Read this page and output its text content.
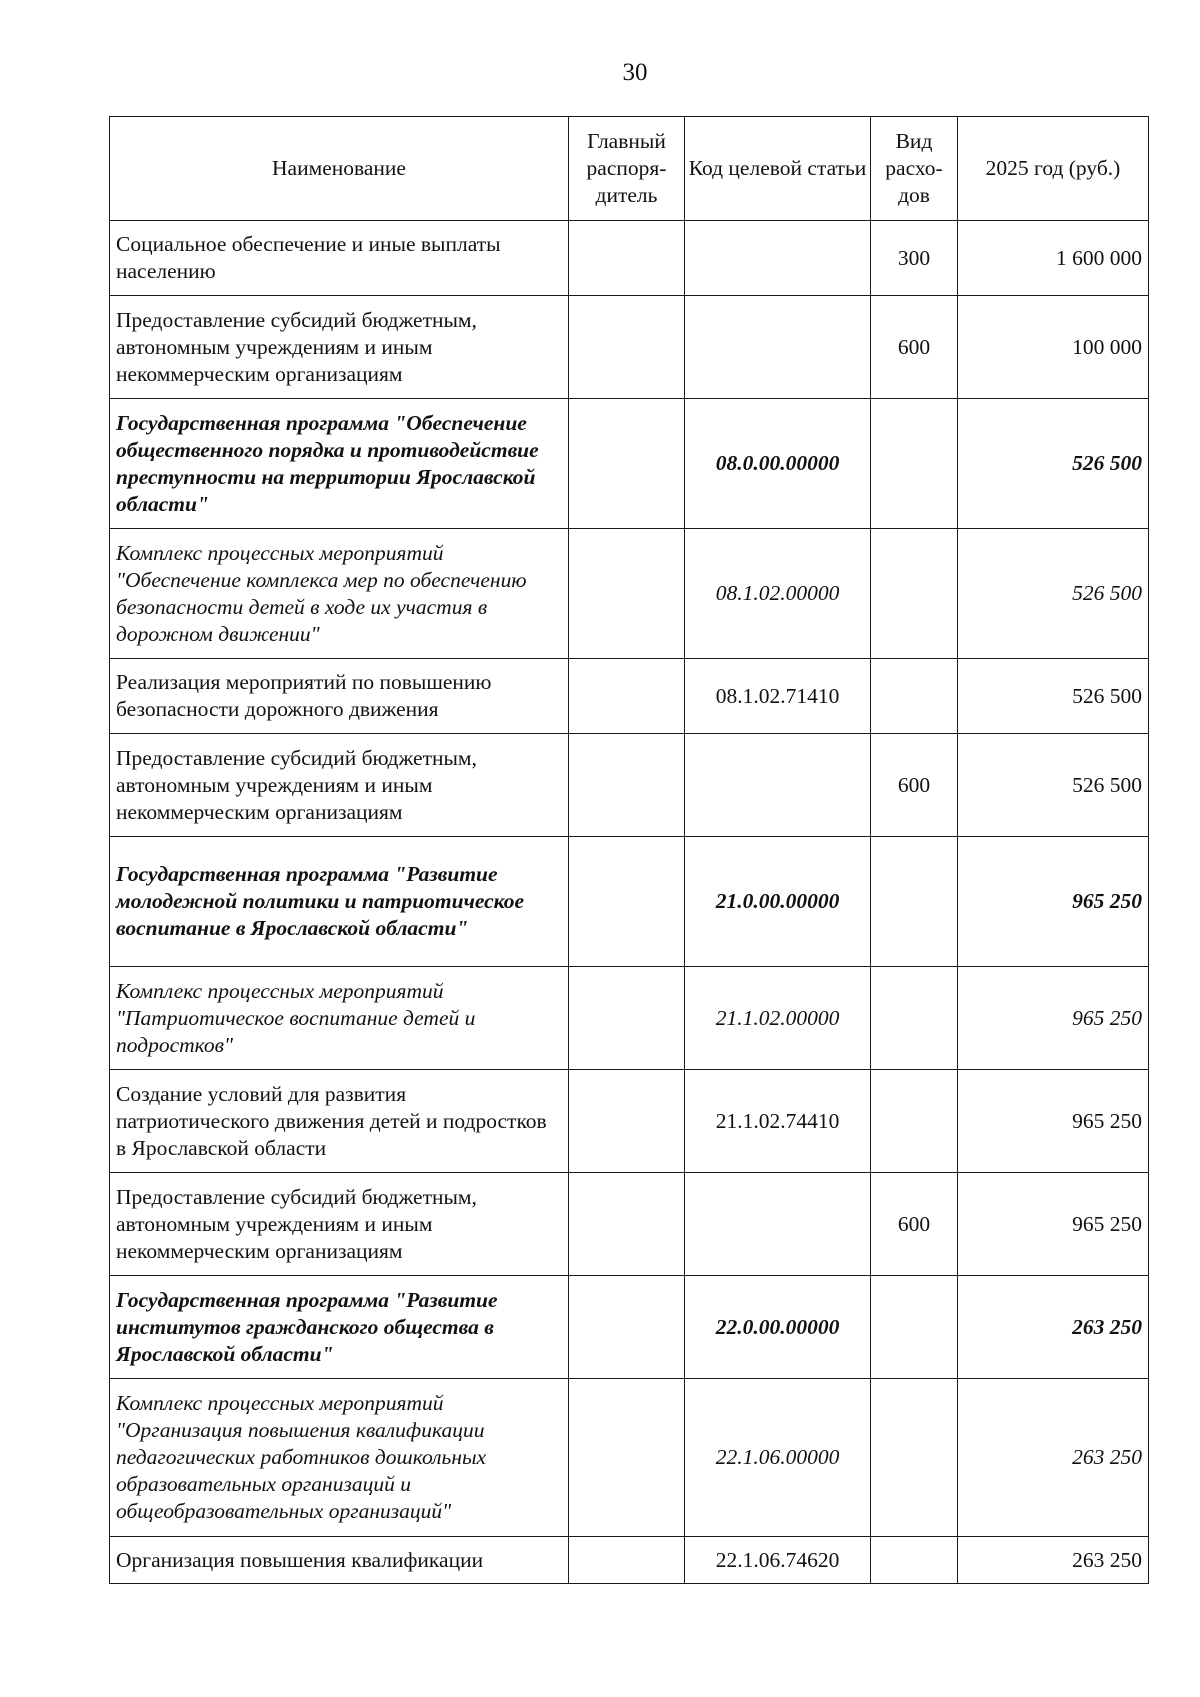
30
Наименование	Главный распоря-дитель	Код целевой статьи	Вид расхо-дов	2025 год (руб.)
Социальное обеспечение и иные выплаты населению			300	1 600 000
Предоставление субсидий бюджетным, автономным учреждениям и иным некоммерческим организациям			600	100 000
Государственная программа "Обеспечение общественного порядка и противодействие преступности на территории Ярославской области"		08.0.00.00000		526 500
Комплекс процессных мероприятий "Обеспечение комплекса мер по обеспечению безопасности детей в ходе их участия в дорожном движении"		08.1.02.00000		526 500
Реализация мероприятий по повышению безопасности дорожного движения		08.1.02.71410		526 500
Предоставление субсидий бюджетным, автономным учреждениям и иным некоммерческим организациям			600	526 500
Государственная программа "Развитие молодежной политики и патриотическое воспитание в Ярославской области"		21.0.00.00000		965 250
Комплекс процессных мероприятий "Патриотическое воспитание детей и подростков"		21.1.02.00000		965 250
Создание условий для развития патриотического движения детей и подростков в Ярославской области		21.1.02.74410		965 250
Предоставление субсидий бюджетным, автономным учреждениям и иным некоммерческим организациям			600	965 250
Государственная программа "Развитие институтов гражданского общества в Ярославской области"		22.0.00.00000		263 250
Комплекс процессных мероприятий "Организация повышения квалификации педагогических работников дошкольных образовательных организаций и общеобразовательных организаций"		22.1.06.00000		263 250
Организация повышения квалификации		22.1.06.74620		263 250
